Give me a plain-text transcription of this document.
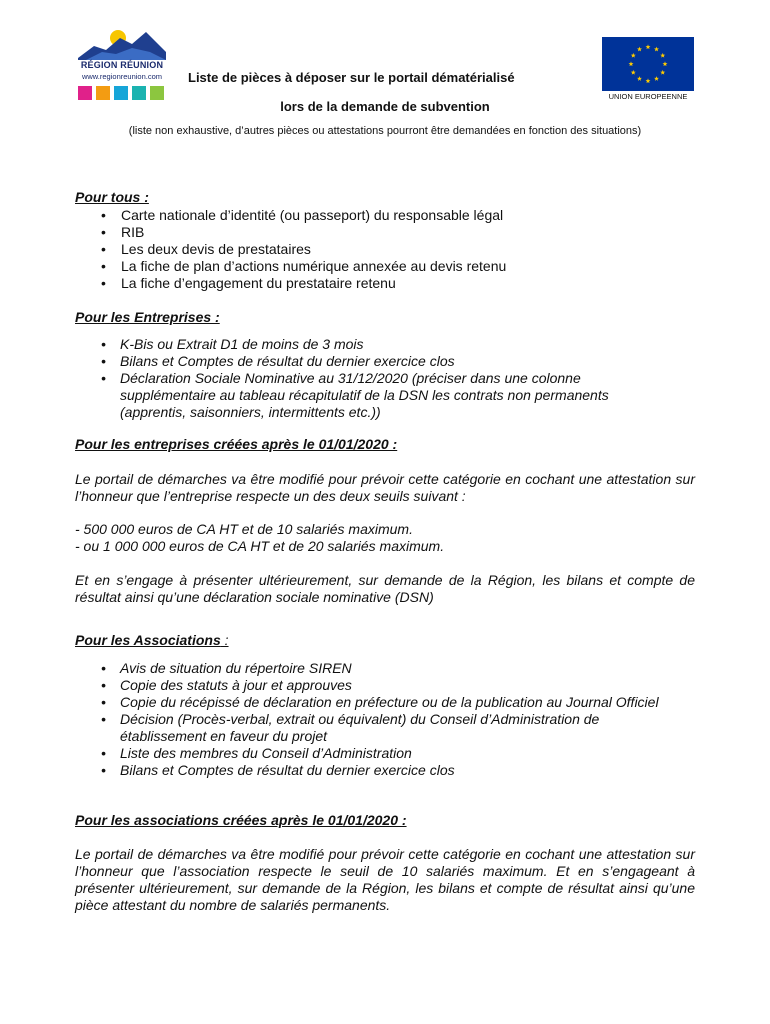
RÉGION RÉUNION
www.regionreunion.com
UNION EUROPEENNE
Liste de pièces à déposer sur le portail dématérialisé
lors de la demande de subvention
(liste non exhaustive, d’autres pièces ou attestations pourront être demandées en fonction des situations)
Pour tous :
• Carte nationale d’identité (ou passeport) du responsable légal
• RIB
• Les deux devis de prestataires
• La fiche de plan d’actions numérique annexée au devis retenu
• La fiche d’engagement du prestataire retenu
Pour les Entreprises :
• K-Bis ou Extrait D1 de moins de 3 mois
• Bilans et Comptes de résultat du dernier exercice clos
• Déclaration Sociale Nominative au 31/12/2020 (préciser dans une colonne supplémentaire au tableau récapitulatif de la DSN les contrats non permanents (apprentis, saisonniers, intermittents etc.))
Pour les entreprises créées après le 01/01/2020 :

Le portail de démarches va être modifié pour prévoir cette catégorie en cochant une attestation sur l’honneur que l’entreprise respecte un des deux seuils suivant :

- 500 000 euros de CA HT et de 10 salariés maximum.

- ou 1 000 000 euros de CA HT et de 20 salariés maximum.

Et en s’engage à présenter ultérieurement, sur demande de la Région, les bilans et compte de résultat ainsi qu’une déclaration sociale nominative (DSN)

Pour les Associations :
• Avis de situation du répertoire SIREN
• Copie des statuts à jour et approuves
• Copie du récépissé de déclaration en préfecture ou de la publication au Journal Officiel
• Décision (Procès-verbal, extrait ou équivalent) du Conseil d’Administration de établissement en faveur du projet
• Liste des membres du Conseil d’Administration
• Bilans et Comptes de résultat du dernier exercice clos
Pour les associations créées après le 01/01/2020 :

Le portail de démarches va être modifié pour prévoir cette catégorie en cochant une attestation sur l’honneur que l’association respecte le seuil de 10 salariés maximum. Et en s’engageant à présenter ultérieurement, sur demande de la Région, les bilans et compte de résultat ainsi qu’une pièce attestant du nombre de salariés permanents.
